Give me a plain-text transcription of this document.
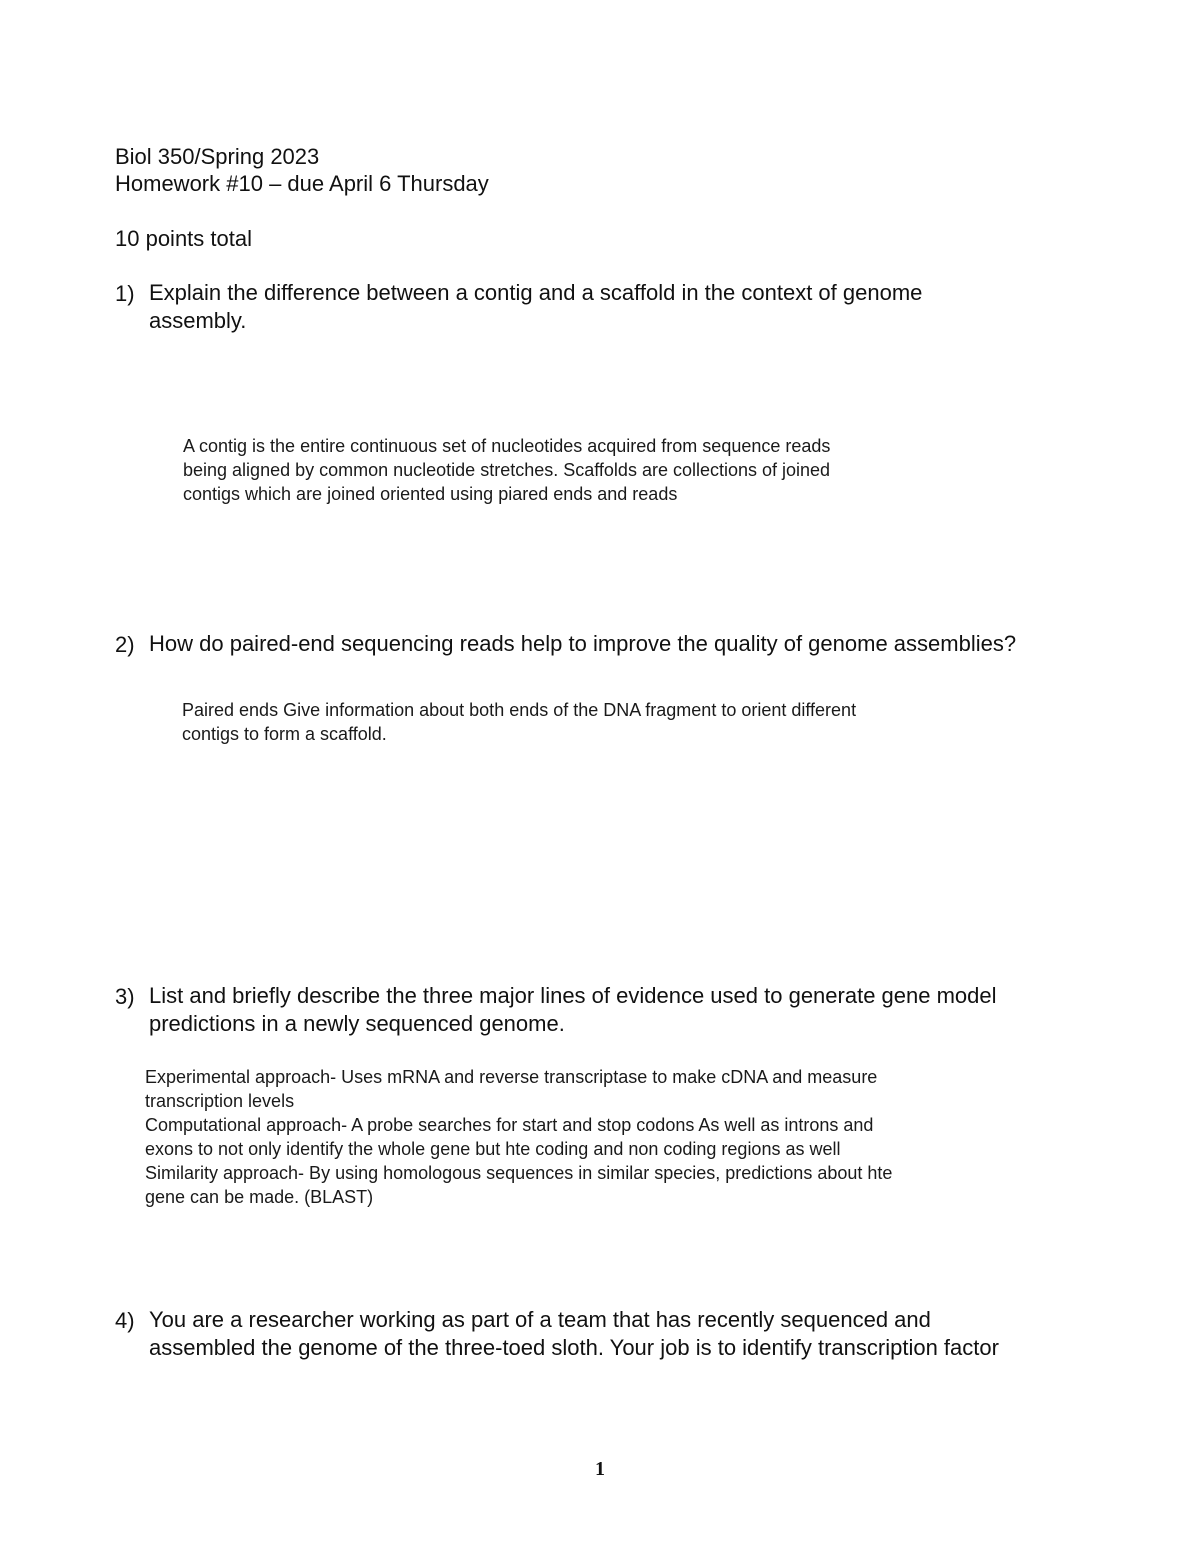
Biol 350/Spring 2023
Homework #10 – due April 6 Thursday
10 points total
1) Explain the difference between a contig and a scaffold in the context of genome
assembly.
A contig is the entire continuous set of nucleotides acquired from sequence reads
being aligned by common nucleotide stretches. Scaffolds are collections of joined
contigs which are joined oriented using piared ends and reads
2) How do paired-end sequencing reads help to improve the quality of genome assemblies?
Paired ends Give information about both ends of the DNA fragment to orient different
contigs to form a scaffold.
3) List and briefly describe the three major lines of evidence used to generate gene model
predictions in a newly sequenced genome.
Experimental approach- Uses mRNA and reverse transcriptase to make cDNA and measure
transcription levels
Computational approach- A probe searches for start and stop codons As well as introns and
exons to not only identify the whole gene but hte coding and non coding regions as well
Similarity approach- By using homologous sequences in similar species, predictions about hte
gene can be made. (BLAST)
4) You are a researcher working as part of a team that has recently sequenced and
assembled the genome of the three-toed sloth. Your job is to identify transcription factor
1
